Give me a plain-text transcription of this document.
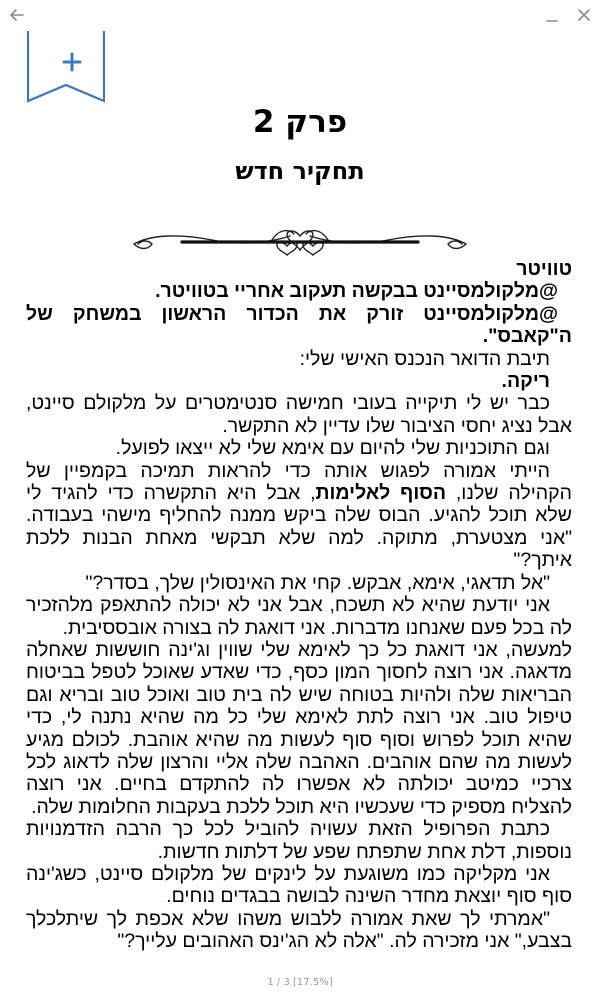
פרק 2
תחקיר חדש

טוויטר

@מלקולמסיינט בבקשה תעקוב אחריי בטוויטר.

@מלקולמסיינט זורק את הכדור הראשון במשחק של ה"קאבס".

תיבת הדואר הנכנס האישי שלי:

ריקה.

כבר יש לי תיקייה בעובי חמישה סנטימטרים על מלקולם סיינט, אבל נציג יחסי הציבור שלו עדיין לא התקשר.

וגם התוכניות שלי להיום עם אימא שלי לא ייצאו לפועל.

הייתי אמורה לפגוש אותה כדי להראות תמיכה בקמפיין של הקהילה שלנו, הסוף לאלימות, אבל היא התקשרה כדי להגיד לי שלא תוכל להגיע. הבוס שלה ביקש ממנה להחליף מישהי בעבודה. "אני מצטערת, מתוקה. למה שלא תבקשי מאחת הבנות ללכת איתך?"

"אל תדאגי, אימא, אבקש. קחי את האינסולין שלך, בסדר?"

אני יודעת שהיא לא תשכח, אבל אני לא יכולה להתאפק מלהזכיר לה בכל פעם שאנחנו מדברות. אני דואגת לה בצורה אובססיבית.

למעשה, אני דואגת כל כך לאימא שלי שווין וג'ינה חוששות שאחלה מדאגה. אני רוצה לחסוך המון כסף, כדי שאדע שאוכל לטפל בביטוח הבריאות שלה ולהיות בטוחה שיש לה בית טוב ואוכל טוב ובריא וגם טיפול טוב. אני רוצה לתת לאימא שלי כל מה שהיא נתנה לי, כדי שהיא תוכל לפרוש וסוף סוף לעשות מה שהיא אוהבת. לכולם מגיע לעשות מה שהם אוהבים. האהבה שלה אליי והרצון שלה לדאוג לכל צרכיי כמיטב יכולתה לא אפשרו לה להתקדם בחיים. אני רוצה להצליח מספיק כדי שעכשיו היא תוכל ללכת בעקבות החלומות שלה.

כתבת הפרופיל הזאת עשויה להוביל לכל כך הרבה הזדמנויות נוספות, דלת אחת שתפתח שפע של דלתות חדשות.

אני מקליקה כמו משוגעת על לינקים של מלקולם סיינט, כשג'ינה סוף סוף יוצאת מחדר השינה לבושה בבגדים נוחים.

"אמרתי לך שאת אמורה ללבוש משהו שלא אכפת לך שיתלכלך בצבע," אני מזכירה לה. "אלה לא הג'ינס האהובים עלייך?"

1 / 3 [17.5%]
